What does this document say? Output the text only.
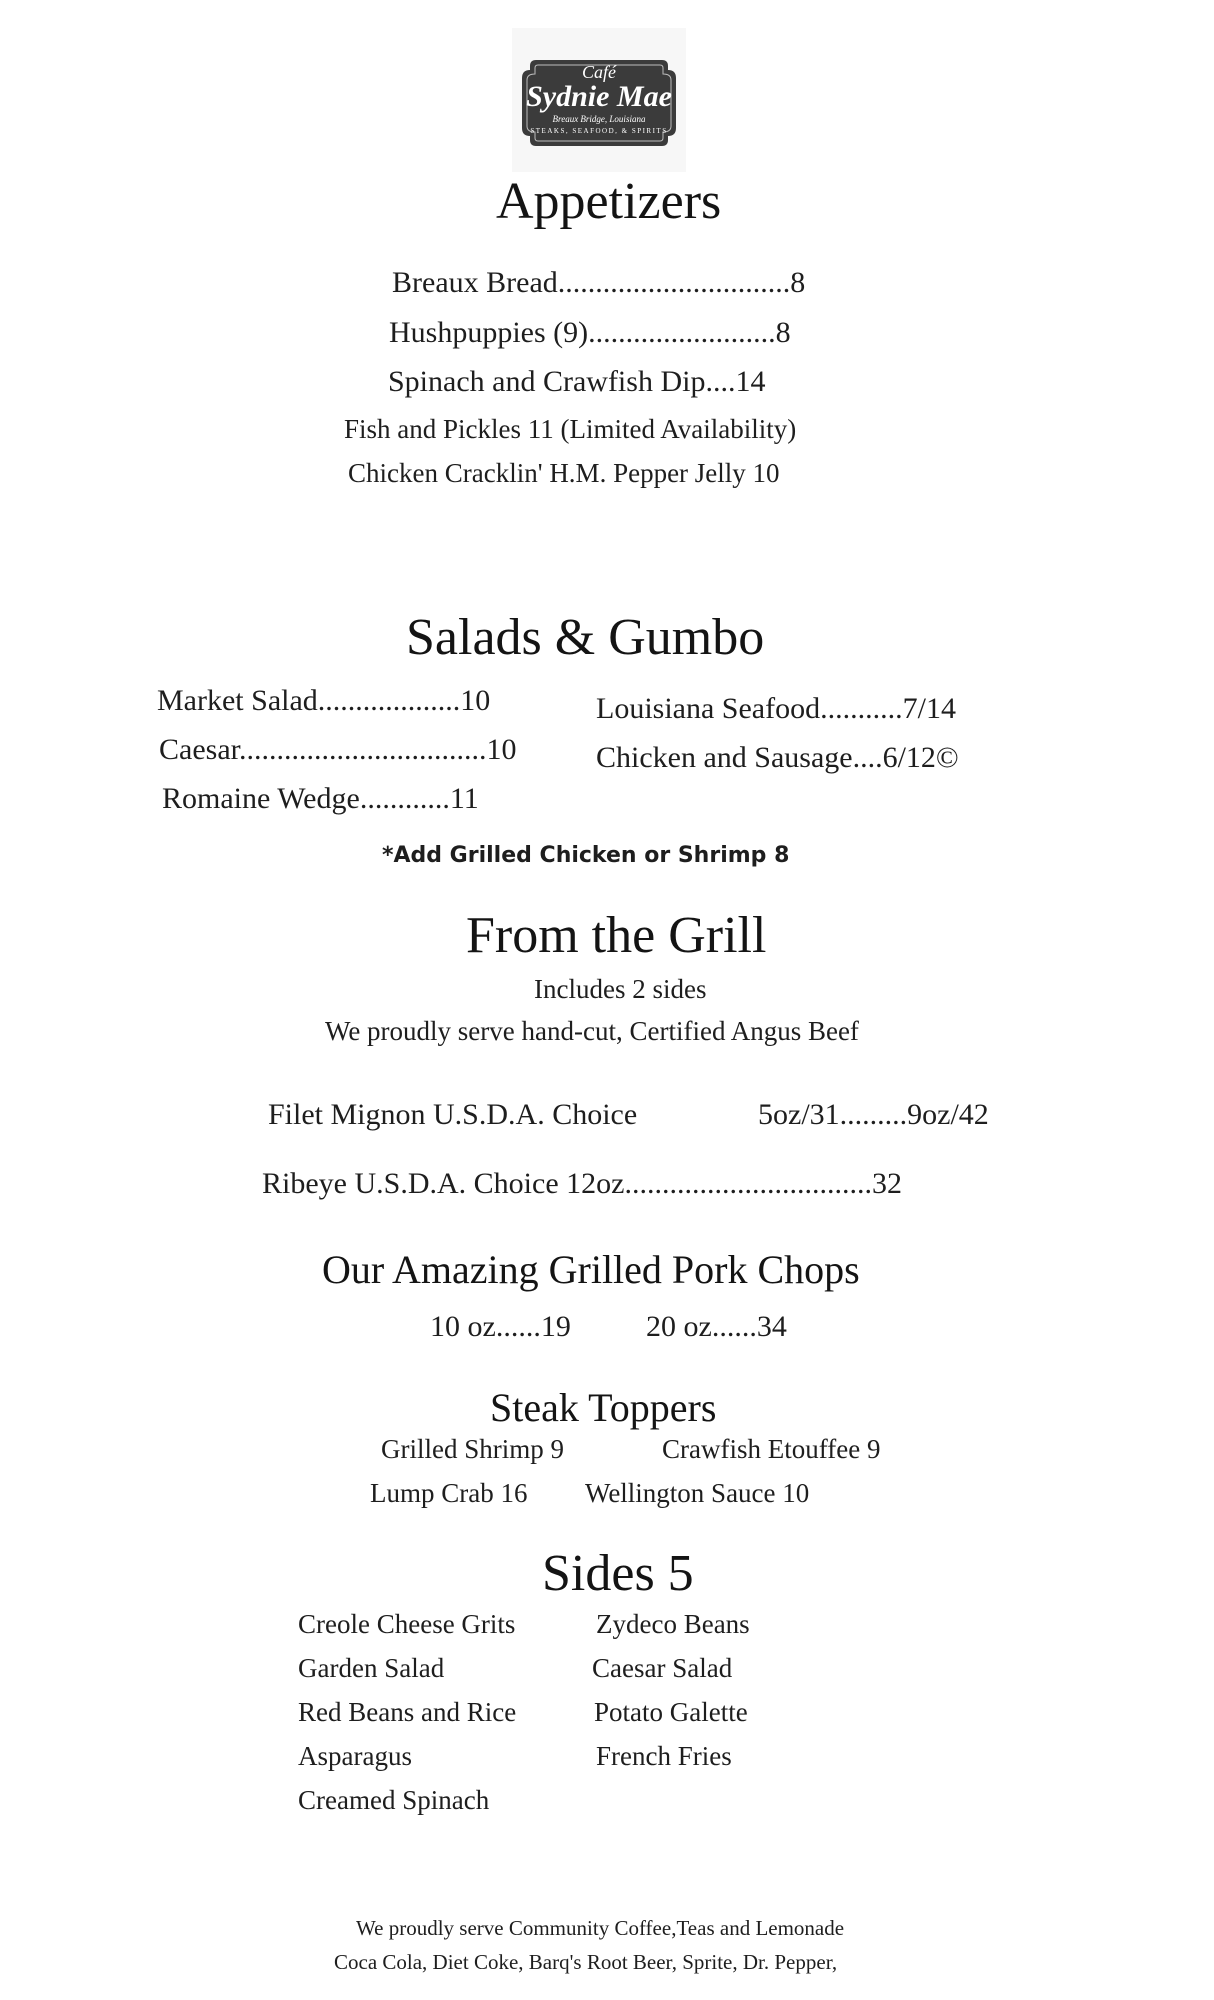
Café
Sydnie Mae
Breaux Bridge, Louisiana
STEAKS, SEAFOOD, & SPIRITS
Appetizers
Breaux Bread...............................8
Hushpuppies (9).........................8
Spinach and Crawfish Dip....14
Fish and Pickles 11 (Limited Availability)
Chicken Cracklin' H.M. Pepper Jelly 10
Salads & Gumbo
Market Salad...................10
Caesar.................................10
Romaine Wedge............11
Louisiana Seafood...........7/14
Chicken and Sausage....6/12©
*Add Grilled Chicken or Shrimp 8
From the Grill
Includes 2 sides
We proudly serve hand-cut, Certified Angus Beef
Filet Mignon U.S.D.A. Choice	5oz/31.........9oz/42
Ribeye U.S.D.A. Choice 12oz.................................32
Our Amazing Grilled Pork Chops
10 oz......19	20 oz......34
Steak Toppers
Grilled Shrimp 9	Crawfish Etouffee 9
Lump Crab 16 Wellington Sauce 10
Sides 5
Creole Cheese Grits
Garden Salad
Red Beans and Rice
Asparagus
Creamed Spinach
Zydeco Beans
Caesar Salad
Potato Galette
French Fries
We proudly serve Community Coffee,Teas and Lemonade
Coca Cola, Diet Coke, Barq's Root Beer, Sprite, Dr. Pepper,
